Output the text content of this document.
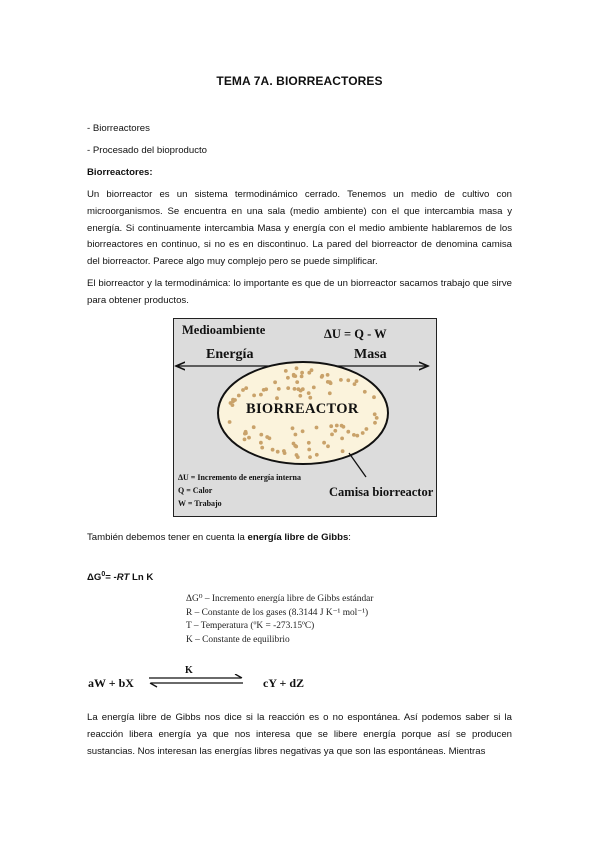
TEMA 7A. BIORREACTORES

- Biorreactores

- Procesado del bioproducto

Biorreactores:

Un biorreactor es un sistema termodinámico cerrado. Tenemos un medio de cultivo con microorganismos. Se encuentra en una sala (medio ambiente) con el que intercambia masa y energía. Si continuamente intercambia Masa y energía con el medio ambiente hablaremos de los biorreactores en continuo, si no es en discontinuo. La pared del biorreactor de denomina camisa del biorreactor. Parece algo muy complejo pero se puede simplificar.

El biorreactor y la termodinámica: lo importante es que de un biorreactor sacamos trabajo que sirve para obtener productos.

Medioambiente	ΔU = Q - W
Energía	Masa
BIORREACTOR
Camisa biorreactor
ΔU = Incremento de energía interna
Q = Calor
W = Trabajo

También debemos tener en cuenta la energía libre de Gibbs:

$\Delta G^0= -RT$ Ln K
ΔG⁰ – Incremento energía libre de Gibbs estándar
R – Constante de los gases (8.3144 J K⁻¹ mol⁻¹)
T – Temperatura (ºK = -273.15ºC)
K – Constante de equilibrio
aW + bX
K
cY + dZ

La energía libre de Gibbs nos dice si la reacción es o no espontánea. Así podemos saber si la reacción libera energía ya que nos interesa que se libere energía porque así se producen sustancias. Nos interesan las energías libres negativas ya que son las espontáneas. Mientras
